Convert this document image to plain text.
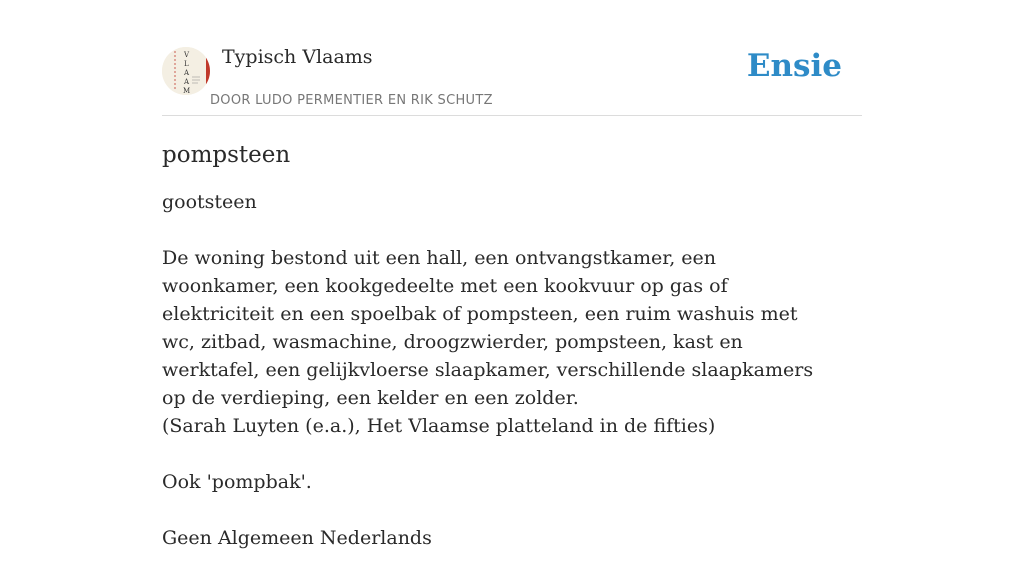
V
L
A
A
M
Typisch Vlaams
DOOR LUDO PERMENTIER EN RIK SCHUTZ
Ensie
pompsteen
gootsteen

De woning bestond uit een hall, een ontvangstkamer, een woonkamer, een kookgedeelte met een kookvuur op gas of elektriciteit en een spoelbak of pompsteen, een ruim washuis met wc, zitbad, wasmachine, droogzwierder, pompsteen, kast en werktafel, een gelijkvloerse slaapkamer, verschillende slaapkamers op de verdieping, een kelder en een zolder.

(Sarah Luyten (e.a.), Het Vlaamse platteland in de fifties)

Ook 'pompbak'.
Geen Algemeen Nederlands
